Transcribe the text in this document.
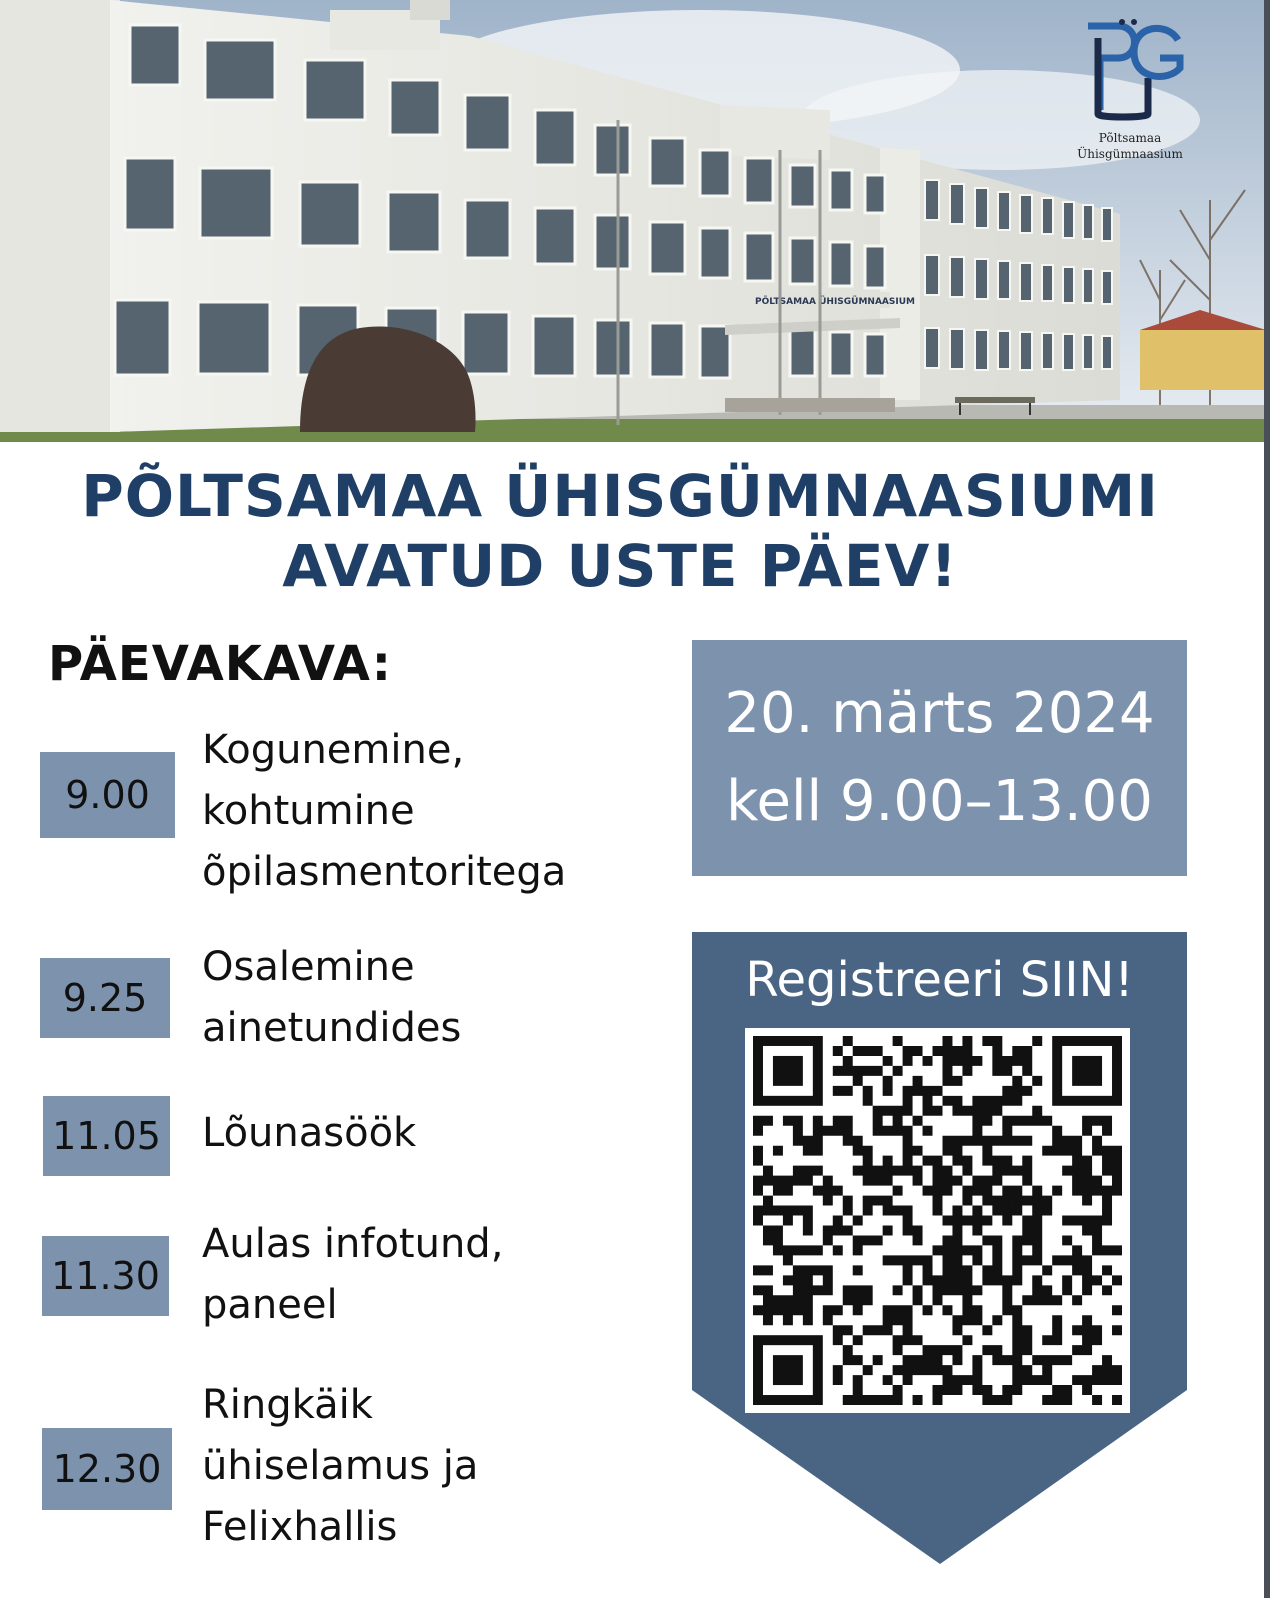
PÕLTSAMAA ÜHISGÜMNAASIUM
Põltsamaa
Ühisgümnaasium
PÕLTSAMAA ÜHISGÜMNAASIUMI
AVATUD USTE PÄEV!
PÄEVAKAVA:
9.00
Kogunemine,
kohtumine
õpilasmentoritega
9.25
Osalemine
ainetundides
11.05 Lõunasöök
11.30
Aulas infotund,
paneel
12.30
Ringkäik
ühiselamus ja
Felixhallis
20. märts 2024
kell 9.00–13.00
Registreeri SIIN!
